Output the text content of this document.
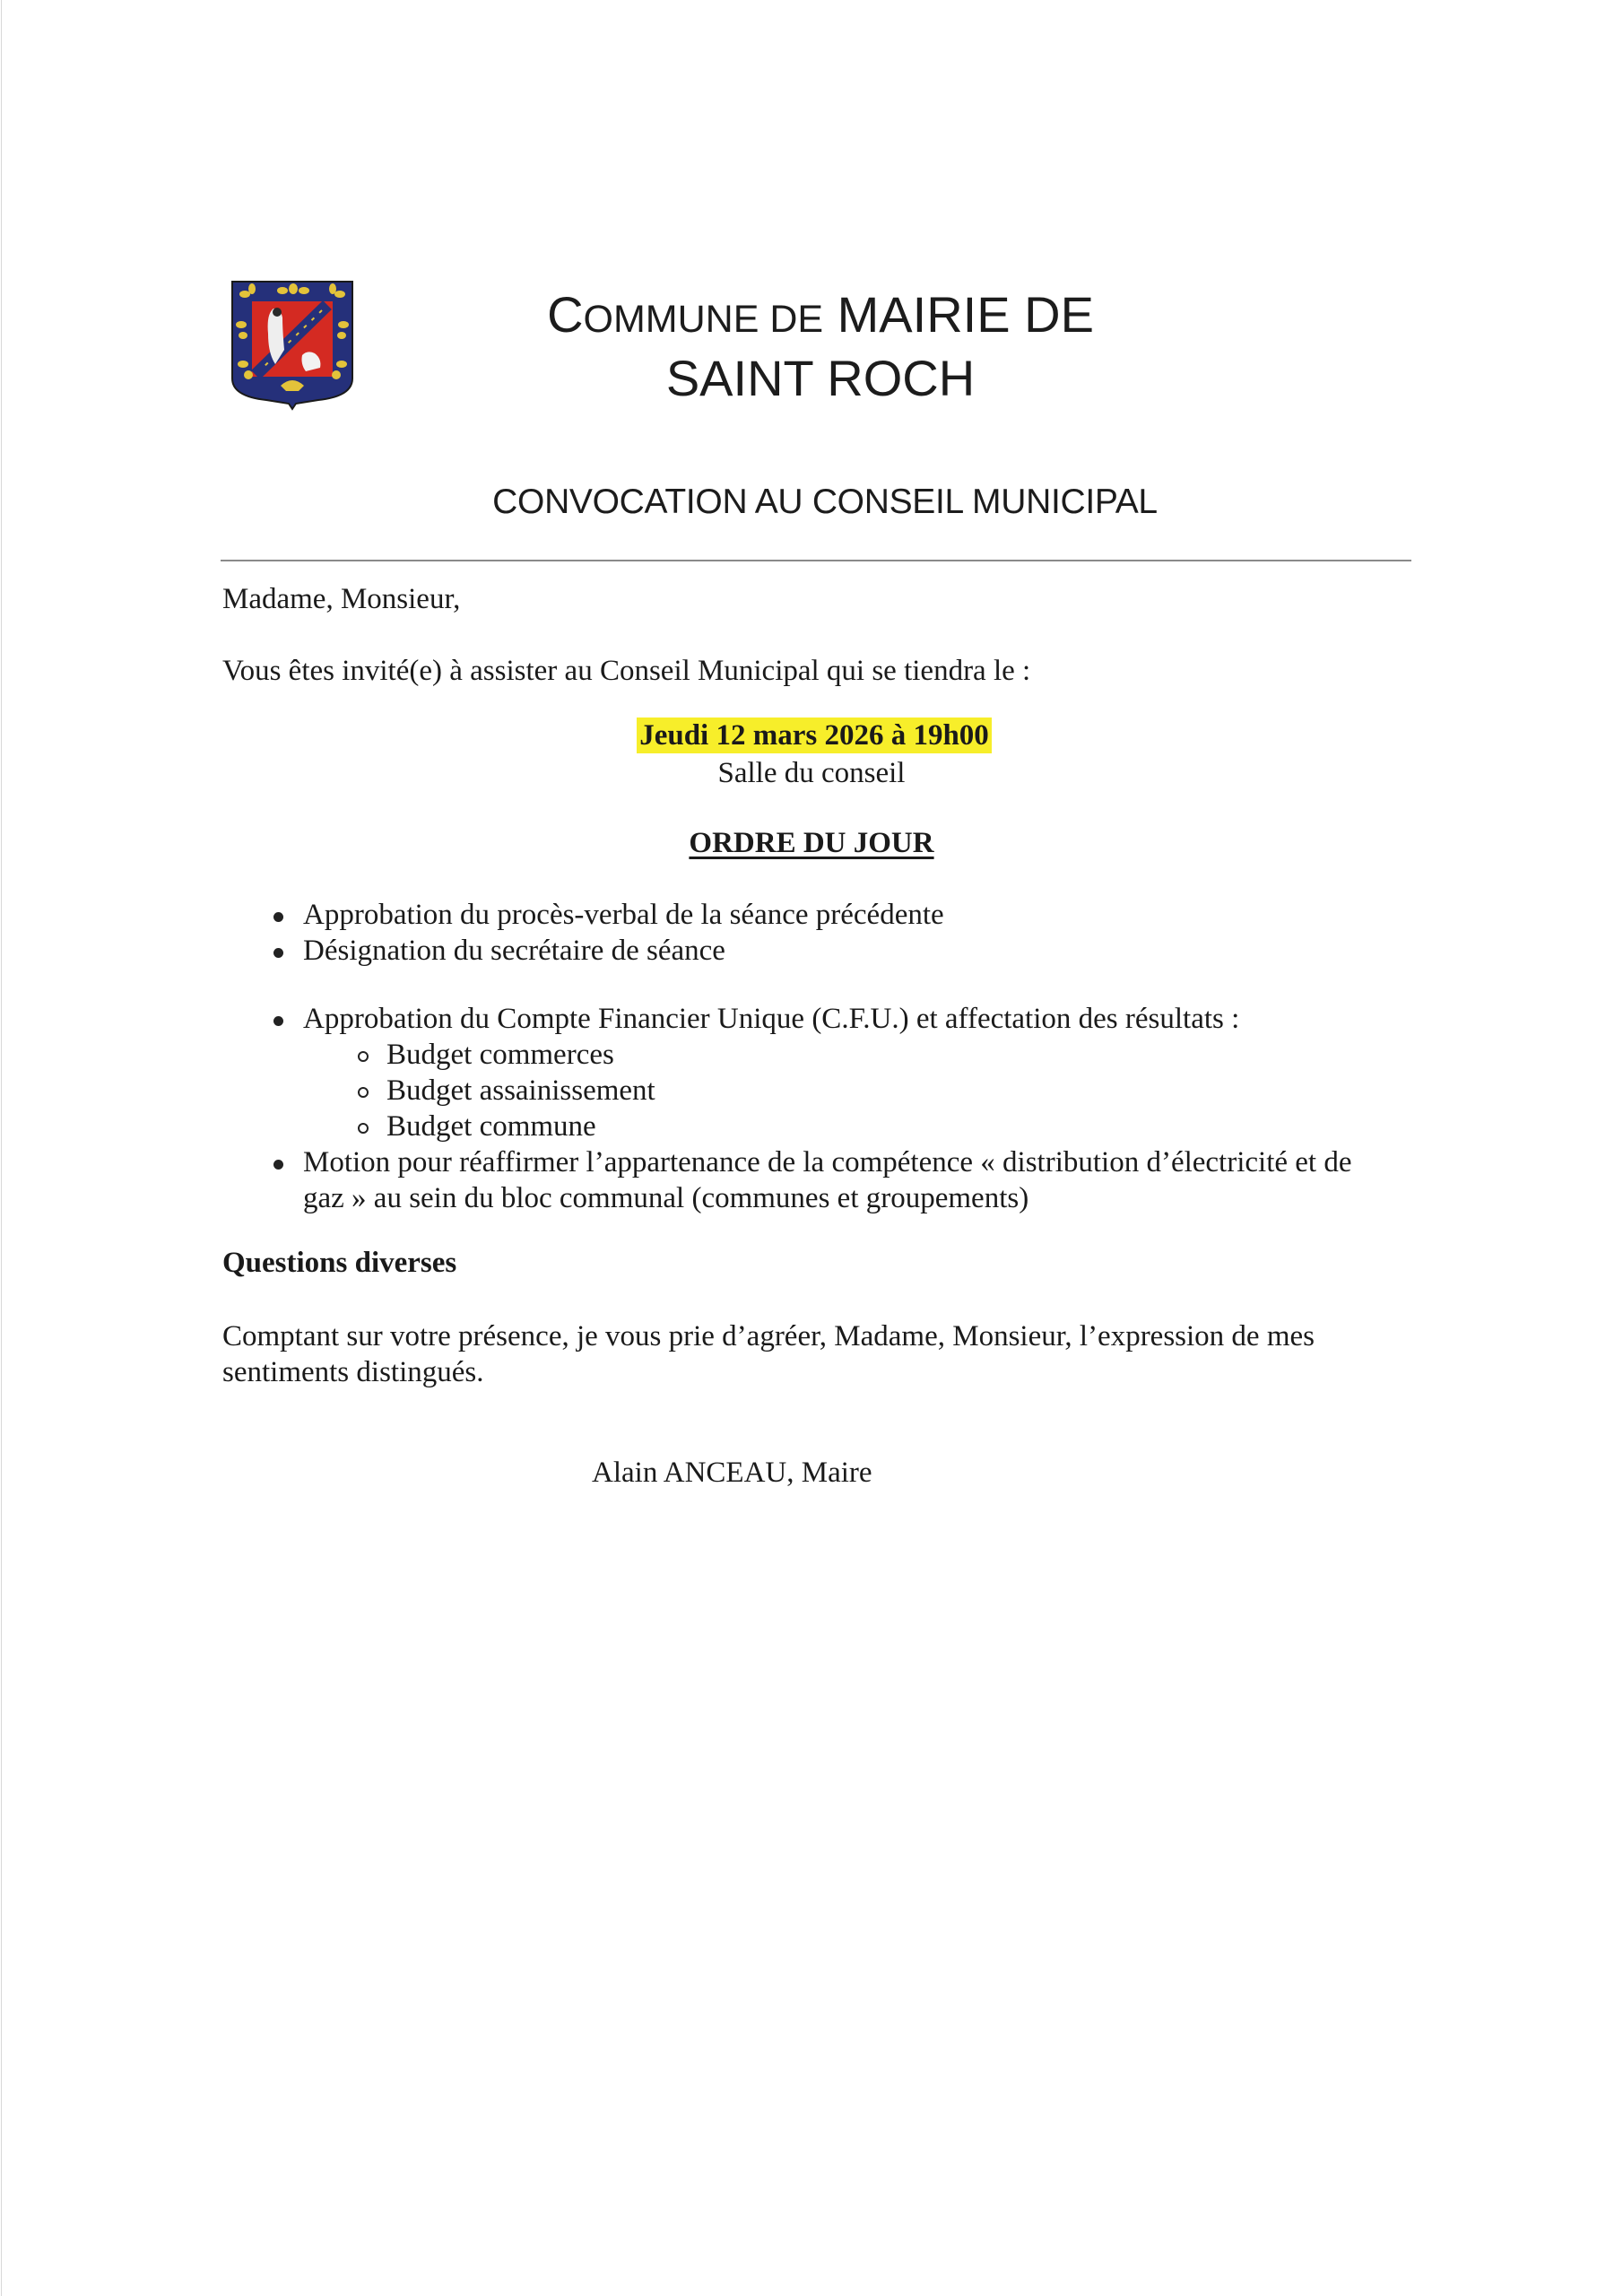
COMMUNE DE MAIRIE DE
SAINT ROCH
CONVOCATION AU CONSEIL MUNICIPAL
Madame, Monsieur,
Vous êtes invité(e) à assister au Conseil Municipal qui se tiendra le :
Jeudi 12 mars 2026 à 19h00
Salle du conseil
ORDRE DU JOUR
Approbation du procès-verbal de la séance précédente
Désignation du secrétaire de séance
Approbation du Compte Financier Unique (C.F.U.) et affectation des résultats :
Budget commerces
Budget assainissement
Budget commune
Motion pour réaffirmer l’appartenance de la compétence « distribution d’électricité et de
gaz » au sein du bloc communal (communes et groupements)
Questions diverses
Comptant sur votre présence, je vous prie d’agréer, Madame, Monsieur, l’expression de mes sentiments distingués.
Alain ANCEAU, Maire
